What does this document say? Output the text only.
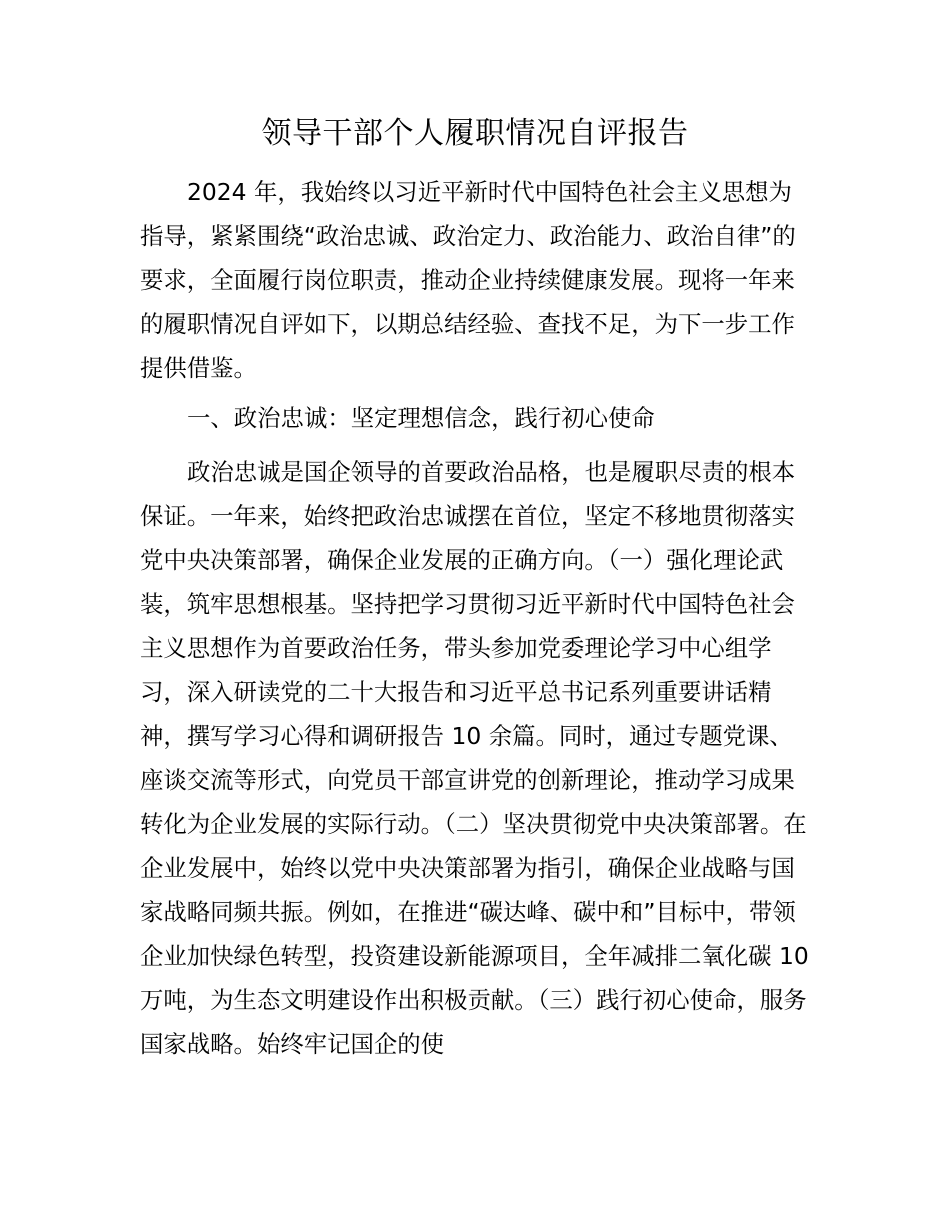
领导干部个人履职情况自评报告

2024 年，我始终以习近平新时代中国特色社会主义思想为指导，紧紧围绕“政治忠诚、政治定力、政治能力、政治自律”的要求，全面履行岗位职责，推动企业持续健康发展。现将一年来的履职情况自评如下，以期总结经验、查找不足，为下一步工作提供借鉴。

一、政治忠诚：坚定理想信念，践行初心使命

政治忠诚是国企领导的首要政治品格，也是履职尽责的根本保证。一年来，始终把政治忠诚摆在首位，坚定不移地贯彻落实党中央决策部署，确保企业发展的正确方向。（一）强化理论武装，筑牢思想根基。坚持把学习贯彻习近平新时代中国特色社会主义思想作为首要政治任务，带头参加党委理论学习中心组学习，深入研读党的二十大报告和习近平总书记系列重要讲话精神，撰写学习心得和调研报告 10 余篇。同时，通过专题党课、座谈交流等形式，向党员干部宣讲党的创新理论，推动学习成果转化为企业发展的实际行动。（二）坚决贯彻党中央决策部署。在企业发展中，始终以党中央决策部署为指引，确保企业战略与国家战略同频共振。例如，在推进“碳达峰、碳中和”目标中，带领企业加快绿色转型，投资建设新能源项目，全年减排二氧化碳 10 万吨，为生态文明建设作出积极贡献。（三）践行初心使命，服务国家战略。始终牢记国企的使
